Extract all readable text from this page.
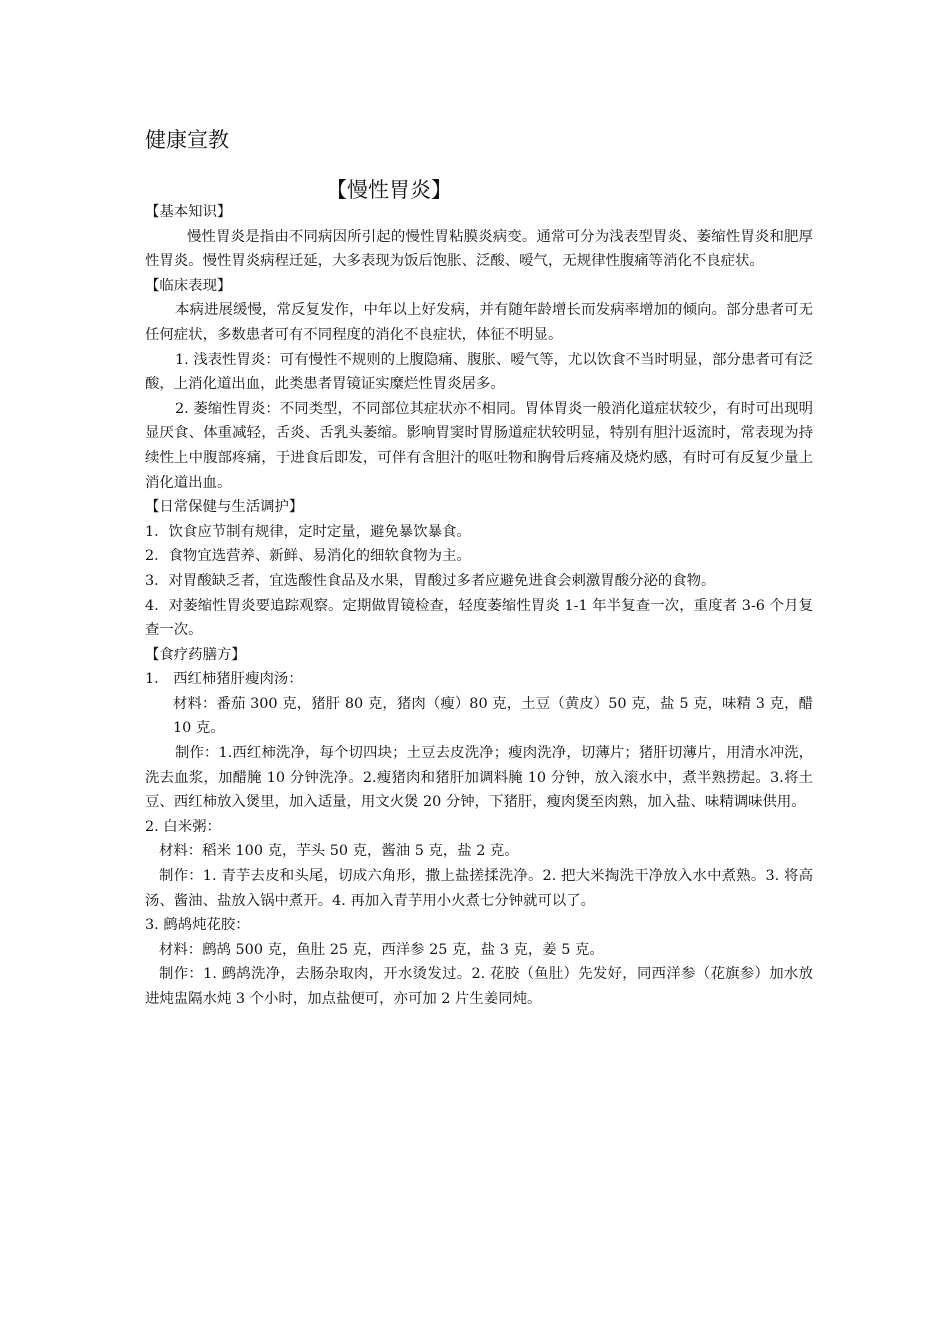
健康宣教
【慢性胃炎】

【基本知识】

慢性胃炎是指由不同病因所引起的慢性胃粘膜炎病变。通常可分为浅表型胃炎、萎缩性胃炎和肥厚性胃炎。慢性胃炎病程迁延，大多表现为饭后饱胀、泛酸、嗳气，无规律性腹痛等消化不良症状。

【临床表现】

本病进展缓慢，常反复发作，中年以上好发病，并有随年龄增长而发病率增加的倾向。部分患者可无任何症状，多数患者可有不同程度的消化不良症状，体征不明显。

1. 浅表性胃炎：可有慢性不规则的上腹隐痛、腹胀、嗳气等，尤以饮食不当时明显，部分患者可有泛酸，上消化道出血，此类患者胃镜证实糜烂性胃炎居多。

2. 萎缩性胃炎：不同类型，不同部位其症状亦不相同。胃体胃炎一般消化道症状较少，有时可出现明显厌食、体重减轻，舌炎、舌乳头萎缩。影响胃窦时胃肠道症状较明显，特别有胆汁返流时，常表现为持续性上中腹部疼痛，于进食后即发，可伴有含胆汁的呕吐物和胸骨后疼痛及烧灼感，有时可有反复少量上消化道出血。

【日常保健与生活调护】

1．饮食应节制有规律，定时定量，避免暴饮暴食。

2．食物宜选营养、新鲜、易消化的细软食物为主。

3．对胃酸缺乏者，宜选酸性食品及水果，胃酸过多者应避免进食会刺激胃酸分泌的食物。

4．对萎缩性胃炎要追踪观察。定期做胃镜检查，轻度萎缩性胃炎 1-1 年半复查一次，重度者 3-6 个月复查一次。

【食疗药膳方】

1． 西红柿猪肝瘦肉汤：

材料：番茄 300 克，猪肝 80 克，猪肉（瘦）80 克，土豆（黄皮）50 克，盐 5 克，味精 3 克，醋 10 克。

制作：1.西红柿洗净，每个切四块；土豆去皮洗净；瘦肉洗净，切薄片；猪肝切薄片，用清水冲洗，洗去血浆，加醋腌 10 分钟洗净。2.瘦猪肉和猪肝加调料腌 10 分钟，放入滚水中，煮半熟捞起。3.将土豆、西红柿放入煲里，加入适量，用文火煲 20 分钟，下猪肝，瘦肉煲至肉熟，加入盐、味精调味供用。

2. 白米粥：

材料：稻米 100 克，芋头 50 克，酱油 5 克，盐 2 克。

制作：1. 青芋去皮和头尾，切成六角形，撒上盐搓揉洗净。2. 把大米掏洗干净放入水中煮熟。3. 将高汤、酱油、盐放入锅中煮开。4. 再加入青芋用小火煮七分钟就可以了。

3. 鹧鸪炖花胶：

材料：鹧鸪 500 克，鱼肚 25 克，西洋参 25 克，盐 3 克，姜 5 克。

制作：1. 鹧鸪洗净，去肠杂取肉，开水烫发过。2. 花胶（鱼肚）先发好，同西洋参（花旗参）加水放进炖盅隔水炖 3 个小时，加点盐便可，亦可加 2 片生姜同炖。
